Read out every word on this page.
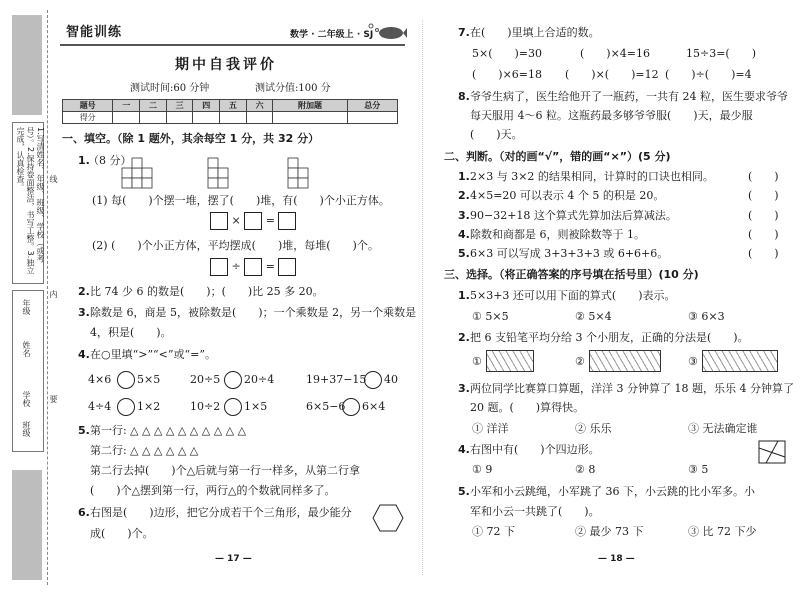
1.写清姓名、年级、班级、学校（或考号）。2.保持卷面整洁，书写工整。3.独立完成，认真检查。
年级
姓名
学校
班级
线
内
要
智能训练	数学 · 二年级上 · SJ
期中自我评价
测试时间:60 分钟	测试分值:100 分
题号	一	二	三	四	五	六	附加题	总分
得分								
一、填空。（除 1 题外，其余每空 1 分，共 32 分）
1.
（8 分）
(1) 每(　　)个摆一堆，摆了(　　)堆，有(　　)个小正方体。
× =
(2) (　　)个小正方体，平均摆成(　　)堆，每堆(　　)个。
÷ =
2. 比 74 少 6 的数是(　　)；(　　)比 25 多 20。
3. 除数是 6，商是 5，被除数是(　　)；一个乘数是 2，另一个乘数是
4，积是(　　)。
4. 在○里填“>”“<”或“=”。
4×6 5×5	20÷5 20÷4	19+37−15 40
4÷4 1×2	10÷2 1×5	6×5−6 6×4
5. 第一行: △ △ △ △ △ △ △ △ △ △
第二行: △ △ △ △ △ △
第二行去掉(　　)个△后就与第一行一样多，从第二行拿
(　　)个△摆到第一行，两行△的个数就同样多了。
6. 右图是(　　)边形，把它分成若干个三角形，最少能分
成(　　)个。
— 17 —
7. 在(　　)里填上合适的数。
5×(　　)=30	(　　)×4=16	15÷3=(　　)
(　　)×6=18 (　　)×(　　)=12 (　　)÷(　　)=4
8. 爷爷生病了，医生给他开了一瓶药，一共有 24 粒，医生要求爷爷
每天服用 4～6 粒。这瓶药最多够爷爷服(　　)天，最少服
(　　)天。
二、判断。（对的画“√”，错的画“×”）(5 分)
1. 2×3 与 3×2 的结果相同，计算时的口诀也相同。	(　　)
2. 4×5=20 可以表示 4 个 5 的积是 20。	(　　)
3. 90−32+18 这个算式先算加法后算减法。	(　　)
4. 除数和商都是 6，则被除数等于 1。	(　　)
5. 6×3 可以写成 3+3+3+3 或 6+6+6。	(　　)
三、选择。（将正确答案的序号填在括号里）(10 分)
1. 5×3+3 还可以用下面的算式(　　)表示。
① 5×5	② 5×4	③ 6×3
2. 把 6 支铅笔平均分给 3 个小朋友，正确的分法是(　　)。
①	②	③
3. 两位同学比赛算口算题，洋洋 3 分钟算了 18 题，乐乐 4 分钟算了
20 题。(　　)算得快。
① 洋洋	② 乐乐	③ 无法确定谁
4. 右图中有(　　)个四边形。
① 9	② 8	③ 5
5. 小军和小云跳绳，小军跳了 36 下，小云跳的比小军多。小
军和小云一共跳了(　　)。
① 72 下	② 最少 73 下	③ 比 72 下少
— 18 —
